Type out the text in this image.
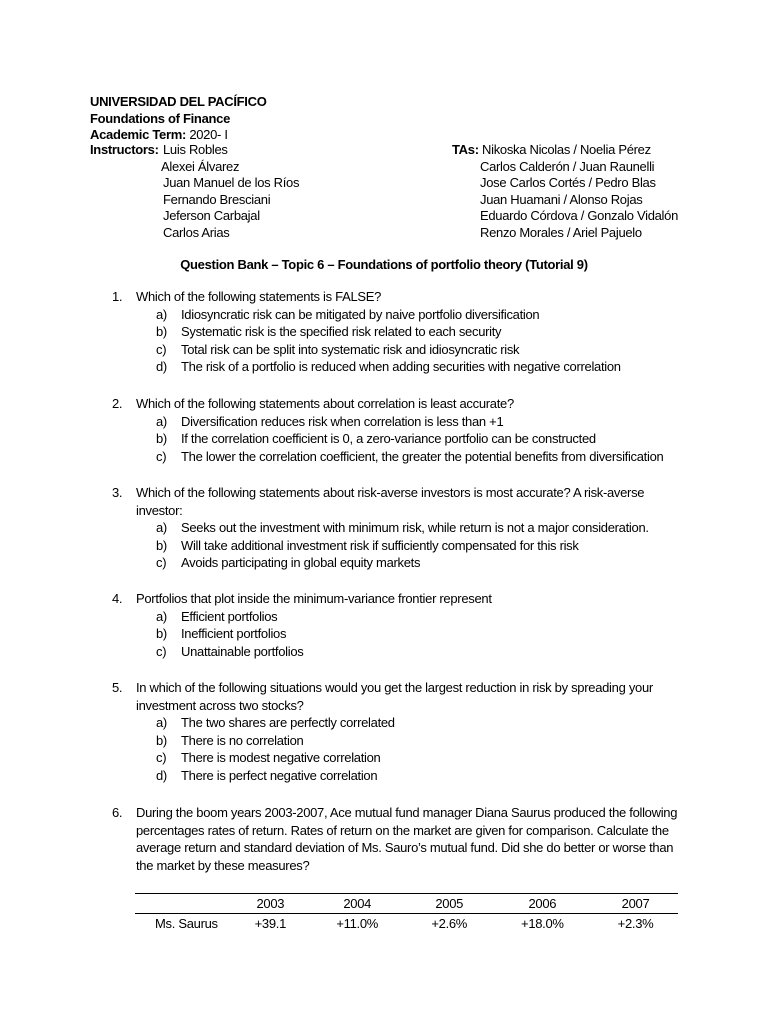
UNIVERSIDAD DEL PACÍFICO
Foundations of Finance
Academic Term: 2020- I
Instructors: Luis Robles
Alexei Álvarez
Juan Manuel de los Ríos
Fernando Bresciani
Jeferson Carbajal
Carlos Arias
TAs: Nikoska Nicolas / Noelia Pérez
Carlos Calderón / Juan Raunelli
Jose Carlos Cortés / Pedro Blas
Juan Huamani / Alonso Rojas
Eduardo Córdova / Gonzalo Vidalón
Renzo Morales / Ariel Pajuelo
Question Bank – Topic 6 – Foundations of portfolio theory (Tutorial 9)
1.	Which of the following statements is FALSE?
a) Idiosyncratic risk can be mitigated by naive portfolio diversification
b) Systematic risk is the specified risk related to each security
c) Total risk can be split into systematic risk and idiosyncratic risk
d) The risk of a portfolio is reduced when adding securities with negative correlation
2.	Which of the following statements about correlation is least accurate?
a) Diversification reduces risk when correlation is less than +1
b) If the correlation coefficient is 0, a zero-variance portfolio can be constructed
c) The lower the correlation coefficient, the greater the potential benefits from diversification
3.	Which of the following statements about risk-averse investors is most accurate? A risk-averse investor:
a) Seeks out the investment with minimum risk, while return is not a major consideration.
b) Will take additional investment risk if sufficiently compensated for this risk
c) Avoids participating in global equity markets
4.	Portfolios that plot inside the minimum-variance frontier represent
a) Efficient portfolios
b) Inefficient portfolios
c) Unattainable portfolios
5.	In which of the following situations would you get the largest reduction in risk by spreading your investment across two stocks?
a) The two shares are perfectly correlated
b) There is no correlation
c) There is modest negative correlation
d) There is perfect negative correlation
6.	During the boom years 2003-2007, Ace mutual fund manager Diana Saurus produced the following percentages rates of return. Rates of return on the market are given for comparison. Calculate the average return and standard deviation of Ms. Sauro’s mutual fund. Did she do better or worse than the market by these measures?
	2003	2004	2005	2006	2007
Ms. Saurus	+39.1	+11.0%	+2.6%	+18.0%	+2.3%
